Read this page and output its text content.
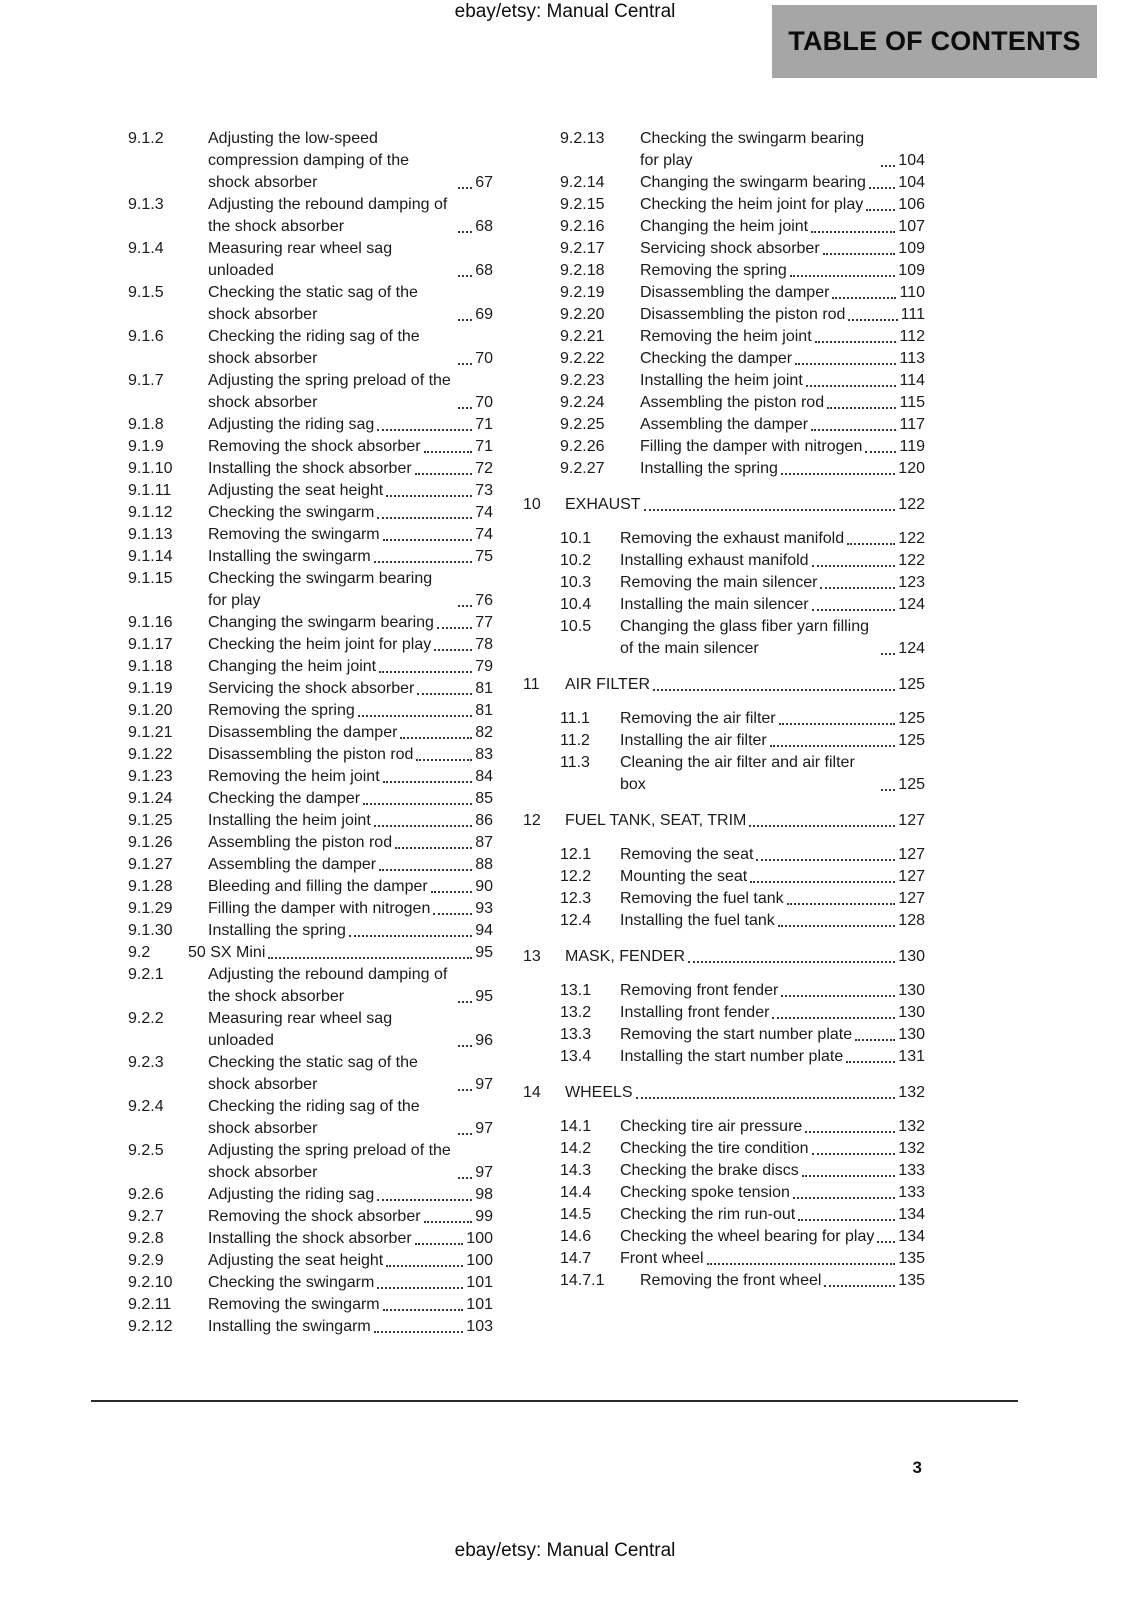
ebay/etsy: Manual Central
TABLE OF CONTENTS
9.1.2	Adjusting the low-speed compression damping of the shock absorber	67
9.1.3	Adjusting the rebound damping of the shock absorber	68
9.1.4	Measuring rear wheel sag unloaded	68
9.1.5	Checking the static sag of the shock absorber	69
9.1.6	Checking the riding sag of the shock absorber	70
9.1.7	Adjusting the spring preload of the shock absorber	70
9.1.8	Adjusting the riding sag	71
9.1.9	Removing the shock absorber	71
9.1.10	Installing the shock absorber	72
9.1.11	Adjusting the seat height	73
9.1.12	Checking the swingarm	74
9.1.13	Removing the swingarm	74
9.1.14	Installing the swingarm	75
9.1.15	Checking the swingarm bearing for play	76
9.1.16	Changing the swingarm bearing	77
9.1.17	Checking the heim joint for play	78
9.1.18	Changing the heim joint	79
9.1.19	Servicing the shock absorber	81
9.1.20	Removing the spring	81
9.1.21	Disassembling the damper	82
9.1.22	Disassembling the piston rod	83
9.1.23	Removing the heim joint	84
9.1.24	Checking the damper	85
9.1.25	Installing the heim joint	86
9.1.26	Assembling the piston rod	87
9.1.27	Assembling the damper	88
9.1.28	Bleeding and filling the damper	90
9.1.29	Filling the damper with nitrogen	93
9.1.30	Installing the spring	94
9.2	50 SX Mini	95
9.2.1	Adjusting the rebound damping of the shock absorber	95
9.2.2	Measuring rear wheel sag unloaded	96
9.2.3	Checking the static sag of the shock absorber	97
9.2.4	Checking the riding sag of the shock absorber	97
9.2.5	Adjusting the spring preload of the shock absorber	97
9.2.6	Adjusting the riding sag	98
9.2.7	Removing the shock absorber	99
9.2.8	Installing the shock absorber	100
9.2.9	Adjusting the seat height	100
9.2.10	Checking the swingarm	101
9.2.11	Removing the swingarm	101
9.2.12	Installing the swingarm	103
9.2.13	Checking the swingarm bearing for play	104
9.2.14	Changing the swingarm bearing 104
9.2.15	Checking the heim joint for play 106
9.2.16	Changing the heim joint	107
9.2.17	Servicing shock absorber	109
9.2.18	Removing the spring	109
9.2.19	Disassembling the damper	110
9.2.20	Disassembling the piston rod	111
9.2.21	Removing the heim joint	112
9.2.22	Checking the damper	113
9.2.23	Installing the heim joint	114
9.2.24	Assembling the piston rod	115
9.2.25	Assembling the damper	117
9.2.26	Filling the damper with nitrogen 119
9.2.27	Installing the spring	120
10	EXHAUST	122
10.1	Removing the exhaust manifold	122
10.2	Installing exhaust manifold	122
10.3	Removing the main silencer	123
10.4	Installing the main silencer	124
10.5	Changing the glass fiber yarn filling of the main silencer	124
11	AIR FILTER	125
11.1	Removing the air filter	125
11.2	Installing the air filter	125
11.3	Cleaning the air filter and air filter box	125
12	FUEL TANK, SEAT, TRIM	127
12.1	Removing the seat	127
12.2	Mounting the seat	127
12.3	Removing the fuel tank	127
12.4	Installing the fuel tank	128
13	MASK, FENDER	130
13.1	Removing front fender	130
13.2	Installing front fender	130
13.3	Removing the start number plate	130
13.4	Installing the start number plate	131
14	WHEELS	132
14.1	Checking tire air pressure	132
14.2	Checking the tire condition	132
14.3	Checking the brake discs	133
14.4	Checking spoke tension	133
14.5	Checking the rim run-out	134
14.6	Checking the wheel bearing for play 134
14.7	Front wheel	135
14.7.1	Removing the front wheel	135
3
ebay/etsy: Manual Central
